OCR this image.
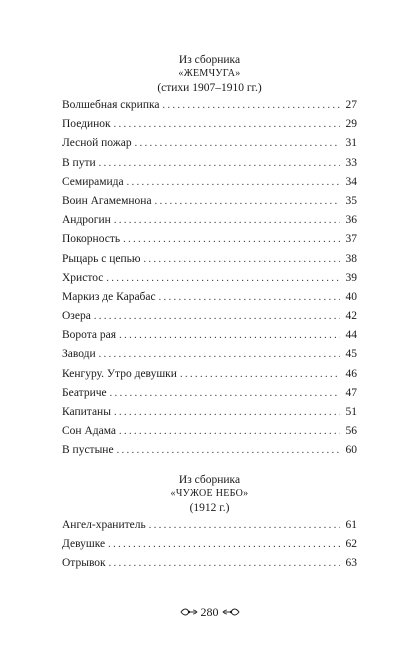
Из сборника
«ЖЕМЧУГА»
(стихи 1907–1910 гг.)
Волшебная скрипка . . .	27
Поединок . . .	29
Лесной пожар . . .	31
В пути . . .	33
Семирамида . . .	34
Воин Агамемнона . . .	35
Андрогин . . .	36
Покорность . . .	37
Рыцарь с цепью . . .	38
Христос . . .	39
Маркиз де Карабас . . .	40
Озера . . .	42
Ворота рая . . .	44
Заводи . . .	45
Кенгуру. Утро девушки . . .	46
Беатриче . . .	47
Капитаны . . .	51
Сон Адама . . .	56
В пустыне . . .	60
Из сборника
«ЧУЖОЕ НЕБО»
(1912 г.)
Ангел-хранитель . . .	61
Девушке . . .	62
Отрывок . . .	63
280
